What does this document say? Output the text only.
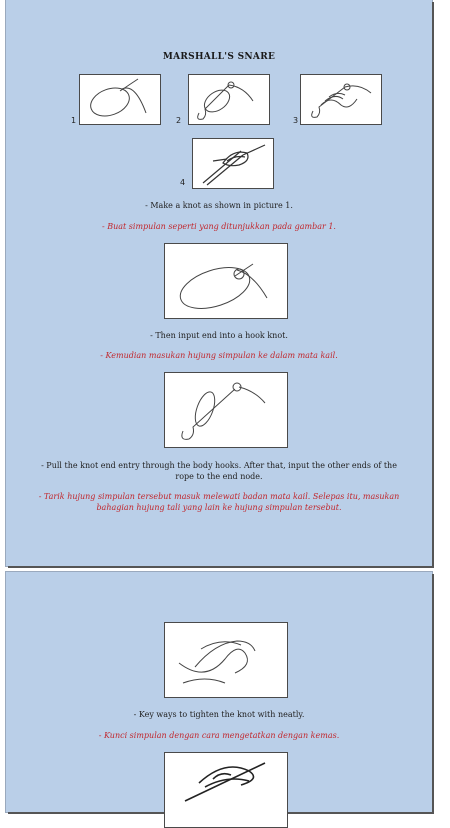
MARSHALL'S SNARE
1	2	3
4
- Make a knot as shown in picture 1.
- Buat simpulan seperti yang ditunjukkan pada gambar 1.
- Then input end into a hook knot.
- Kemudian masukan hujung simpulan ke dalam mata kail.
- Pull the knot end entry through the body hooks. After that, input the other ends of the rope to the end node.
- Tarik hujung simpulan tersebut masuk melewati badan mata kail. Selepas itu, masukan bahagian hujung tali yang lain ke hujung simpulan tersebut.
- Key ways to tighten the knot with neatly.
- Kunci simpulan dengan cara mengetatkan dengan kemas.
